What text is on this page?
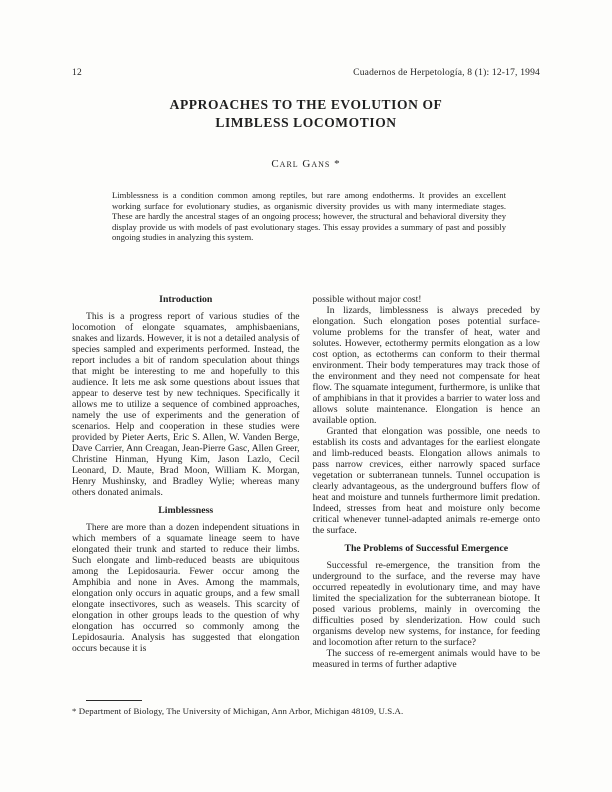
12	Cuadernos de Herpetología, 8 (1): 12-17, 1994
APPROACHES TO THE EVOLUTION OF
LIMBLESS LOCOMOTION
Carl Gans *
Limblessness is a condition common among reptiles, but rare among endotherms. It provides an excellent working surface for evolutionary studies, as organismic diversity provides us with many intermediate stages. These are hardly the ancestral stages of an ongoing process; however, the structural and behavioral diversity they display provide us with models of past evolutionary stages. This essay provides a summary of past and possibly ongoing studies in analyzing this system.
Introduction

This is a progress report of various studies of the locomotion of elongate squamates, amphisbaenians, snakes and lizards. However, it is not a detailed analysis of species sampled and experiments performed. Instead, the report includes a bit of random speculation about things that might be interesting to me and hopefully to this audience. It lets me ask some questions about issues that appear to deserve test by new techniques. Specifically it allows me to utilize a sequence of combined approaches, namely the use of experiments and the generation of scenarios. Help and cooperation in these studies were provided by Pieter Aerts, Eric S. Allen, W. Vanden Berge, Dave Carrier, Ann Creagan, Jean-Pierre Gasc, Allen Greer, Christine Hinman, Hyung Kim, Jason Lazlo, Cecil Leonard, D. Maute, Brad Moon, William K. Morgan, Henry Mushinsky, and Bradley Wylie; whereas many others donated animals.

Limblessness

There are more than a dozen independent situations in which members of a squamate lineage seem to have elongated their trunk and started to reduce their limbs. Such elongate and limb-reduced beasts are ubiquitous among the Lepidosauria. Fewer occur among the Amphibia and none in Aves. Among the mammals, elongation only occurs in aquatic groups, and a few small elongate insectivores, such as weasels. This scarcity of elongation in other groups leads to the question of why elongation has occurred so commonly among the Lepidosauria. Analysis has suggested that elongation occurs because it is

possible without major cost!

In lizards, limblessness is always preceded by elongation. Such elongation poses potential surface-volume problems for the transfer of heat, water and solutes. However, ectothermy permits elongation as a low cost option, as ectotherms can conform to their thermal environment. Their body temperatures may track those of the environment and they need not compensate for heat flow. The squamate integument, furthermore, is unlike that of amphibians in that it provides a barrier to water loss and allows solute maintenance. Elongation is hence an available option.

Granted that elongation was possible, one needs to establish its costs and advantages for the earliest elongate and limb-reduced beasts. Elongation allows animals to pass narrow crevices, either narrowly spaced surface vegetation or subterranean tunnels. Tunnel occupation is clearly advantageous, as the underground buffers flow of heat and moisture and tunnels furthermore limit predation. Indeed, stresses from heat and moisture only become critical whenever tunnel-adapted animals re-emerge onto the surface.

The Problems of Successful Emergence

Successful re-emergence, the transition from the underground to the surface, and the reverse may have occurred repeatedly in evolutionary time, and may have limited the specialization for the subterranean biotope. It posed various problems, mainly in overcoming the difficulties posed by slenderization. How could such organisms develop new systems, for instance, for feeding and locomotion after return to the surface?

The success of re-emergent animals would have to be measured in terms of further adaptive

* Department of Biology, The University of Michigan, Ann Arbor, Michigan 48109, U.S.A.
